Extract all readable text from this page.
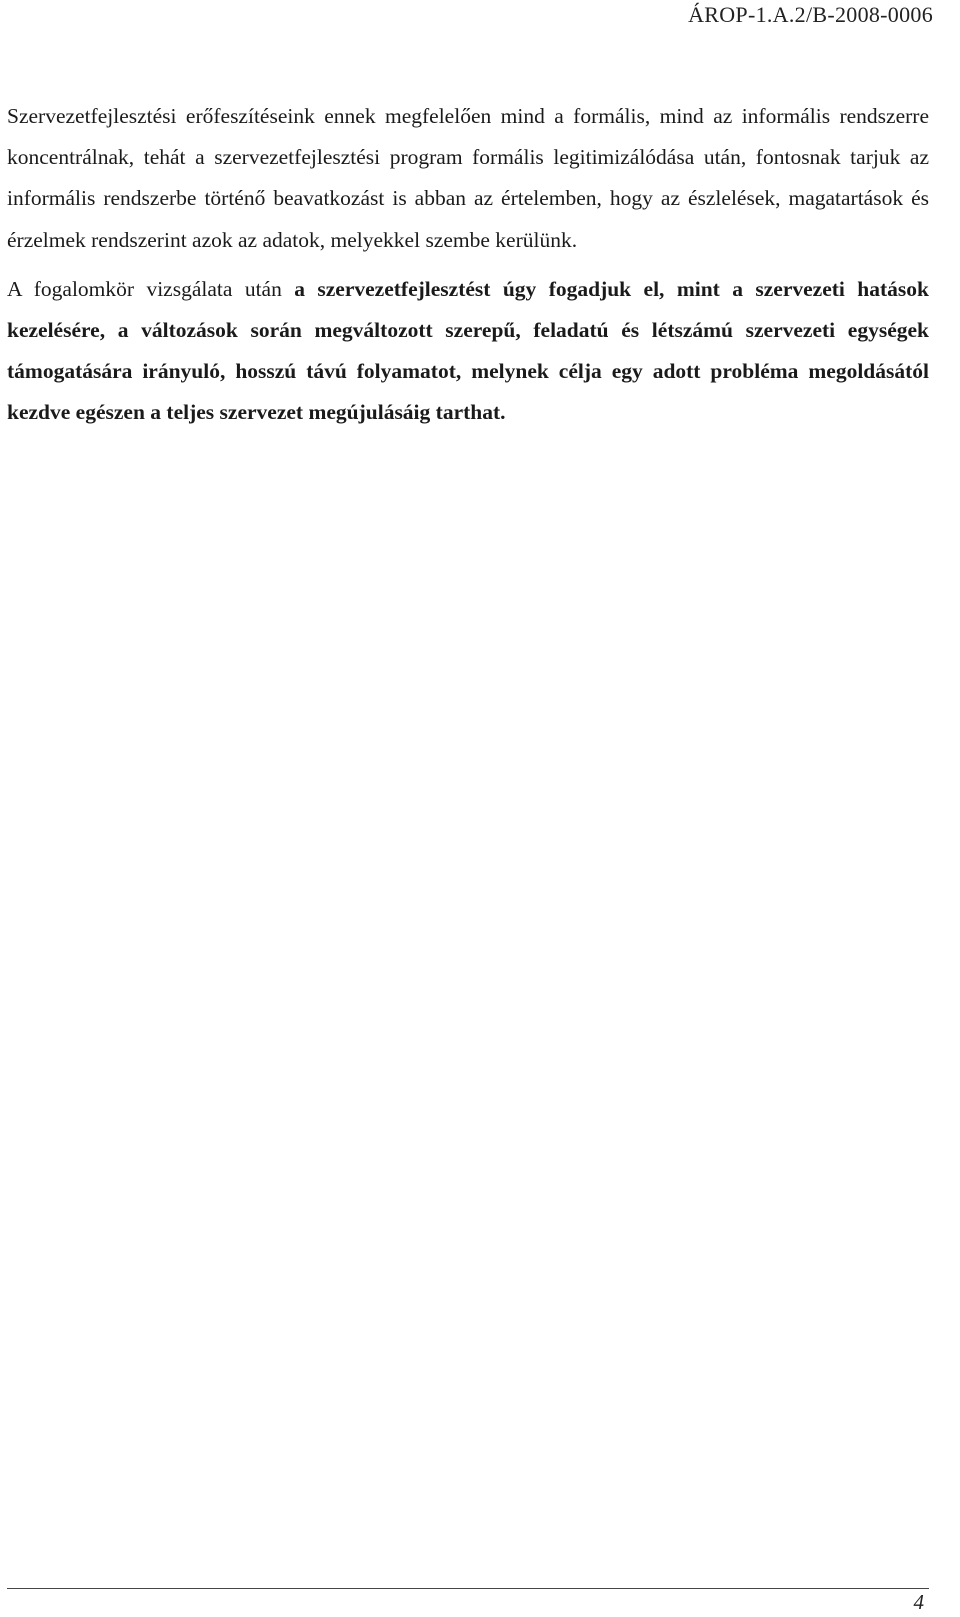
ÁROP-1.A.2/B-2008-0006

Szervezetfejlesztési erőfeszítéseink ennek megfelelően mind a formális, mind az informális rendszerre koncentrálnak, tehát a szervezetfejlesztési program formális legitimizálódása után, fontosnak tarjuk az informális rendszerbe történő beavatkozást is abban az értelemben, hogy az észlelések, magatartások és érzelmek rendszerint azok az adatok, melyekkel szembe kerülünk.

A fogalomkör vizsgálata után a szervezetfejlesztést úgy fogadjuk el, mint a szervezeti hatások kezelésére, a változások során megváltozott szerepű, feladatú és létszámú szervezeti egységek támogatására irányuló, hosszú távú folyamatot, melynek célja egy adott probléma megoldásától kezdve egészen a teljes szervezet megújulásáig tarthat.

4
